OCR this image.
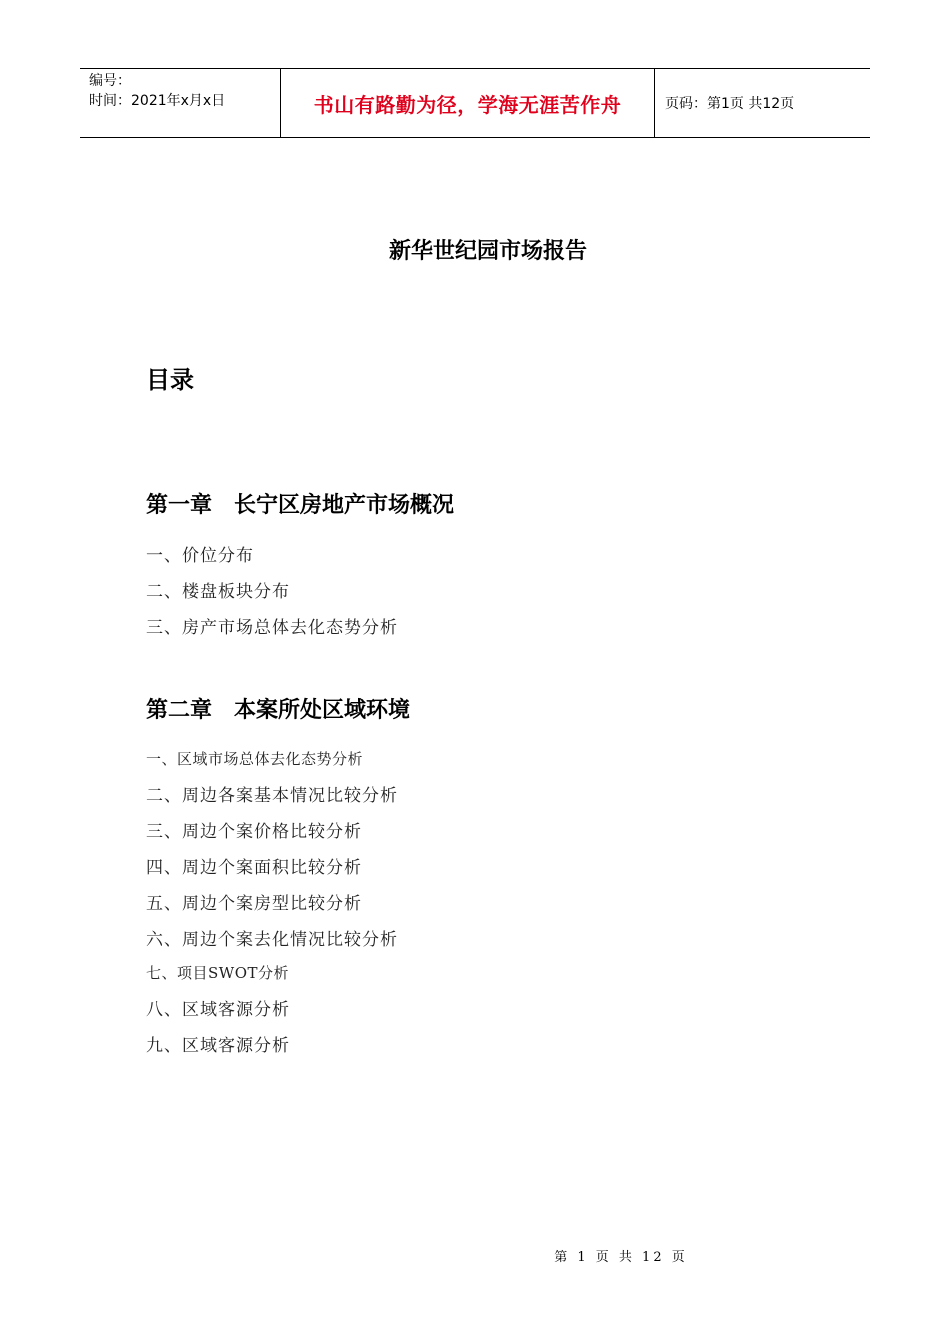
编号：
时间：2021年x月x日	书山有路勤为径，学海无涯苦作舟	页码：第1页 共12页
新华世纪园市场报告
目录
第一章　长宁区房地产市场概况
一、价位分布
二、楼盘板块分布
三、房产市场总体去化态势分析
第二章　本案所处区域环境
一、区域市场总体去化态势分析
二、周边各案基本情况比较分析
三、周边个案价格比较分析
四、周边个案面积比较分析
五、周边个案房型比较分析
六、周边个案去化情况比较分析
七、项目SWOT分析
八、区域客源分析
九、区域客源分析
第 1 页 共 12 页
